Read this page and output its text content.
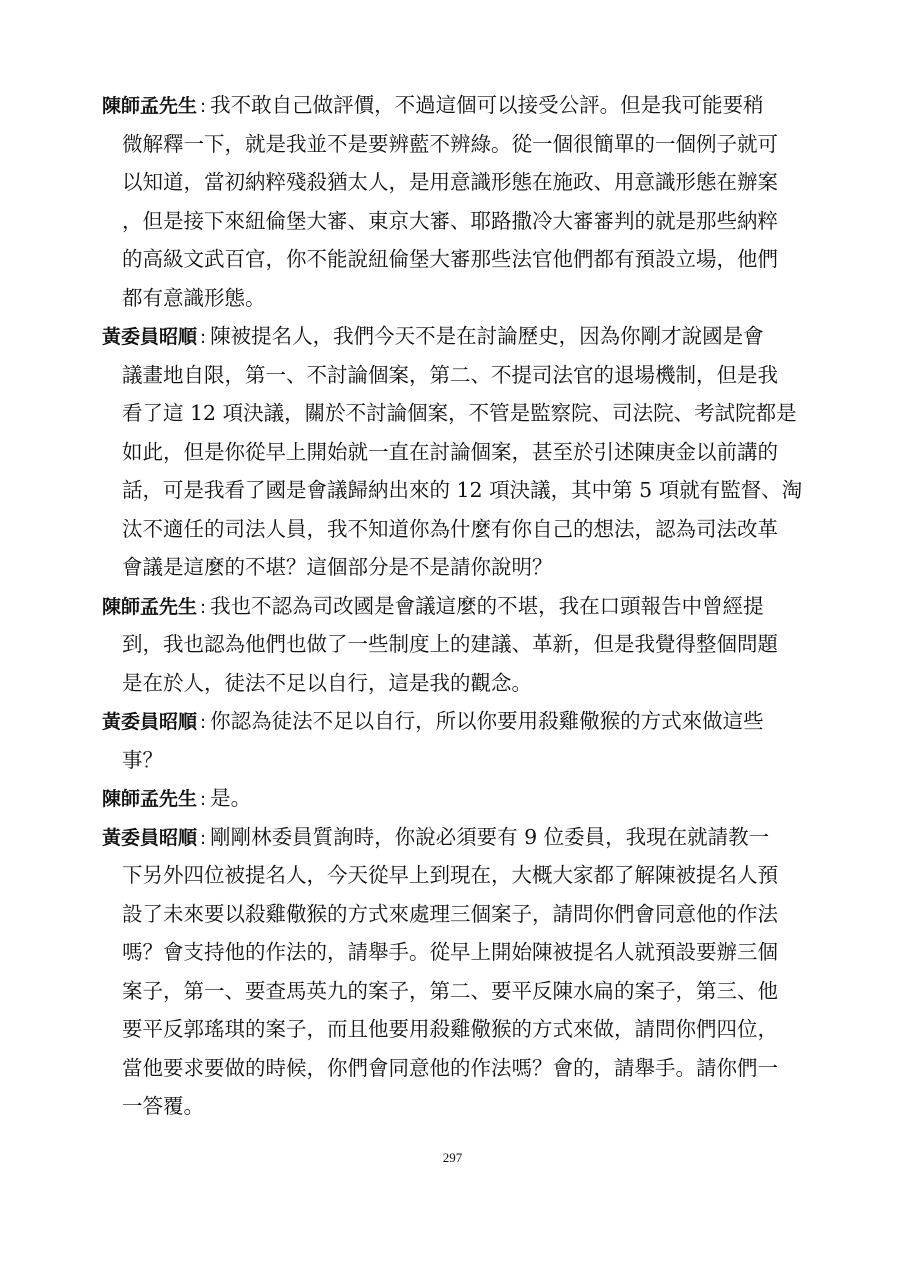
陳師孟先生 : 我不敢自己做評價，不過這個可以接受公評。但是我可能要稍
微解釋一下，就是我並不是要辨藍不辨綠。從一個很簡單的一個例子就可
以知道，當初納粹殘殺猶太人，是用意識形態在施政、用意識形態在辦案
，但是接下來紐倫堡大審、東京大審、耶路撒冷大審審判的就是那些納粹
的高級文武百官，你不能說紐倫堡大審那些法官他們都有預設立場，他們
都有意識形態。
黃委員昭順 : 陳被提名人，我們今天不是在討論歷史，因為你剛才說國是會
議畫地自限，第一、不討論個案，第二、不提司法官的退場機制，但是我
看了這 12 項決議，關於不討論個案，不管是監察院、司法院、考試院都是
如此，但是你從早上開始就一直在討論個案，甚至於引述陳庚金以前講的
話，可是我看了國是會議歸納出來的 12 項決議，其中第 5 項就有監督、淘
汰不適任的司法人員，我不知道你為什麼有你自己的想法，認為司法改革
會議是這麼的不堪？這個部分是不是請你說明？
陳師孟先生 : 我也不認為司改國是會議這麼的不堪，我在口頭報告中曾經提
到，我也認為他們也做了一些制度上的建議、革新，但是我覺得整個問題
是在於人，徒法不足以自行，這是我的觀念。
黃委員昭順 : 你認為徒法不足以自行，所以你要用殺雞儆猴的方式來做這些
事？
陳師孟先生 : 是。
黃委員昭順 : 剛剛林委員質詢時，你說必須要有 9 位委員，我現在就請教一
下另外四位被提名人，今天從早上到現在，大概大家都了解陳被提名人預
設了未來要以殺雞儆猴的方式來處理三個案子，請問你們會同意他的作法
嗎？會支持他的作法的，請舉手。從早上開始陳被提名人就預設要辦三個
案子，第一、要查馬英九的案子，第二、要平反陳水扁的案子，第三、他
要平反郭瑤琪的案子，而且他要用殺雞儆猴的方式來做，請問你們四位，
當他要求要做的時候，你們會同意他的作法嗎？會的，請舉手。請你們一
一答覆。
297
